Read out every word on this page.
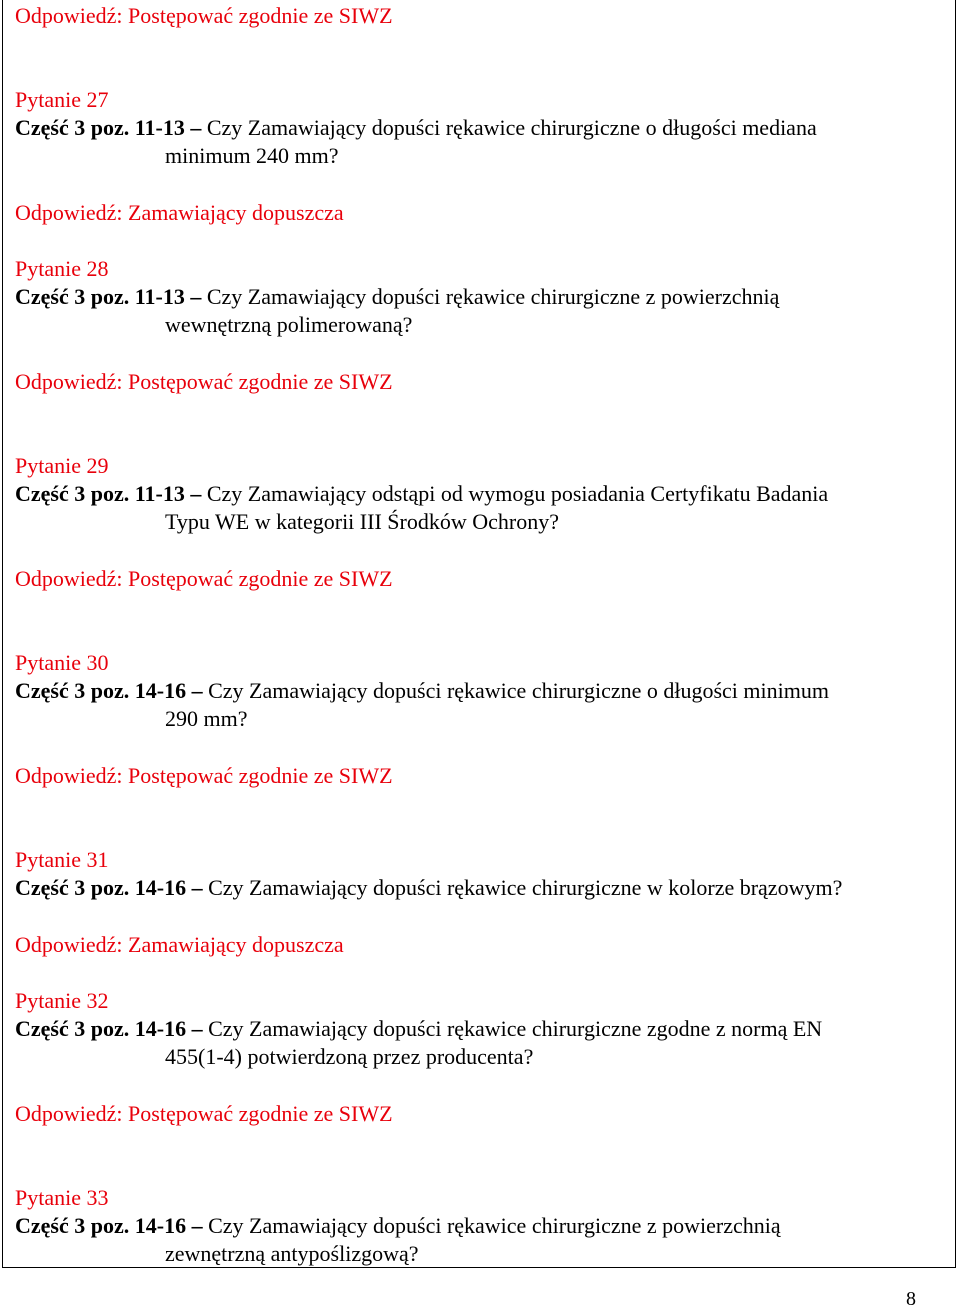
Odpowiedź: Postępować zgodnie ze SIWZ
Pytanie 27
Część 3 poz. 11-13 – Czy Zamawiający dopuści rękawice chirurgiczne o długości mediana
minimum 240 mm?
Odpowiedź: Zamawiający dopuszcza
Pytanie 28
Część 3 poz. 11-13 – Czy Zamawiający dopuści rękawice chirurgiczne z powierzchnią
wewnętrzną polimerowaną?
Odpowiedź: Postępować zgodnie ze SIWZ
Pytanie 29
Część 3 poz. 11-13 – Czy Zamawiający odstąpi od wymogu posiadania Certyfikatu Badania
Typu WE w kategorii III Środków Ochrony?
Odpowiedź: Postępować zgodnie ze SIWZ
Pytanie 30
Część 3 poz. 14-16 – Czy Zamawiający dopuści rękawice chirurgiczne o długości minimum
290 mm?
Odpowiedź: Postępować zgodnie ze SIWZ
Pytanie 31
Część 3 poz. 14-16 – Czy Zamawiający dopuści rękawice chirurgiczne w kolorze brązowym?
Odpowiedź: Zamawiający dopuszcza
Pytanie 32
Część 3 poz. 14-16 – Czy Zamawiający dopuści rękawice chirurgiczne zgodne z normą EN
455(1-4) potwierdzoną przez producenta?
Odpowiedź: Postępować zgodnie ze SIWZ
Pytanie 33
Część 3 poz. 14-16 – Czy Zamawiający dopuści rękawice chirurgiczne z powierzchnią
zewnętrzną antypoślizgową?
8
